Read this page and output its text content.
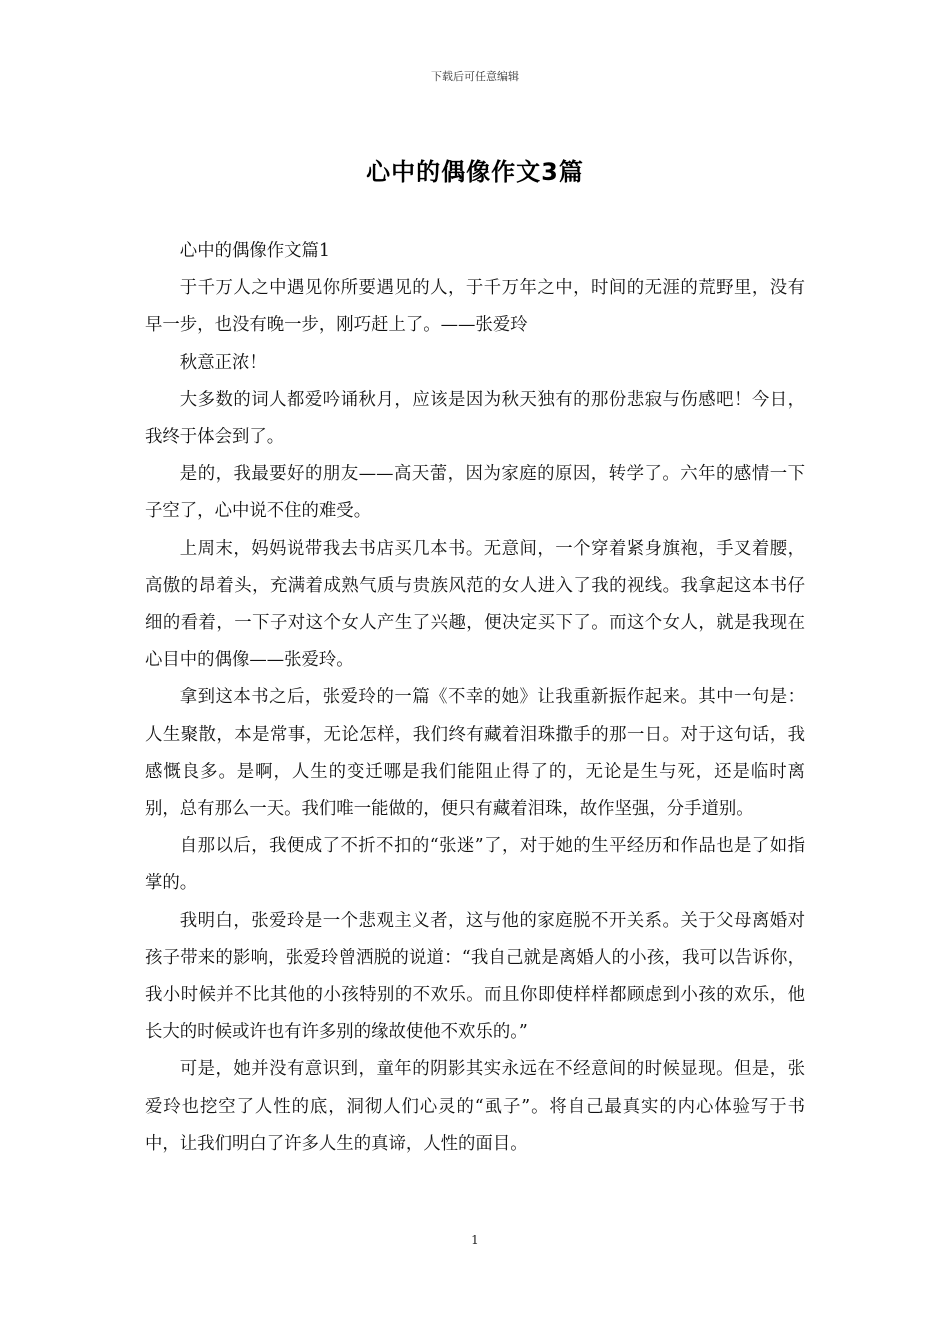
下载后可任意编辑
心中的偶像作文3篇

心中的偶像作文篇1

于千万人之中遇见你所要遇见的人，于千万年之中，时间的无涯的荒野里，没有早一步，也没有晚一步，刚巧赶上了。——张爱玲

秋意正浓！

大多数的词人都爱吟诵秋月，应该是因为秋天独有的那份悲寂与伤感吧！今日，我终于体会到了。

是的，我最要好的朋友——高天蕾，因为家庭的原因，转学了。六年的感情一下子空了，心中说不住的难受。

上周末，妈妈说带我去书店买几本书。无意间，一个穿着紧身旗袍，手叉着腰，高傲的昂着头，充满着成熟气质与贵族风范的女人进入了我的视线。我拿起这本书仔细的看着，一下子对这个女人产生了兴趣，便决定买下了。而这个女人，就是我现在心目中的偶像——张爱玲。

拿到这本书之后，张爱玲的一篇《不幸的她》让我重新振作起来。其中一句是：人生聚散，本是常事，无论怎样，我们终有藏着泪珠撒手的那一日。对于这句话，我感慨良多。是啊，人生的变迁哪是我们能阻止得了的，无论是生与死，还是临时离别，总有那么一天。我们唯一能做的，便只有藏着泪珠，故作坚强，分手道别。

自那以后，我便成了不折不扣的“张迷”了，对于她的生平经历和作品也是了如指掌的。

我明白，张爱玲是一个悲观主义者，这与他的家庭脱不开关系。关于父母离婚对孩子带来的影响，张爱玲曾洒脱的说道：“我自己就是离婚人的小孩，我可以告诉你，我小时候并不比其他的小孩特别的不欢乐。而且你即使样样都顾虑到小孩的欢乐，他长大的时候或许也有许多别的缘故使他不欢乐的。”

可是，她并没有意识到，童年的阴影其实永远在不经意间的时候显现。但是，张爱玲也挖空了人性的底，洞彻人们心灵的“虱子”。将自己最真实的内心体验写于书中，让我们明白了许多人生的真谛，人性的面目。

1
